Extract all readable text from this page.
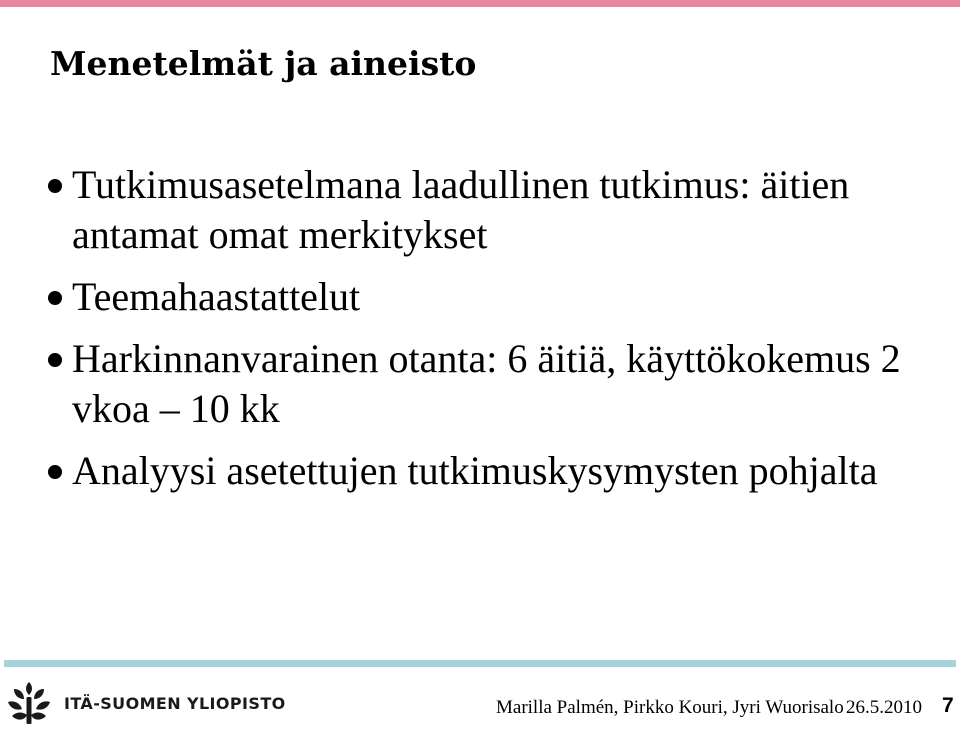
Menetelmät ja aineisto
Tutkimusasetelmana laadullinen tutkimus: äitien antamat omat merkitykset
Teemahaastattelut
Harkinnanvarainen otanta: 6 äitiä, käyttökokemus 2 vkoa – 10 kk
Analyysi asetettujen tutkimuskysymysten pohjalta
ITÄ-SUOMEN YLIOPISTO	Marilla Palmén, Pirkko Kouri, Jyri Wuorisalo 26.5.2010 7
